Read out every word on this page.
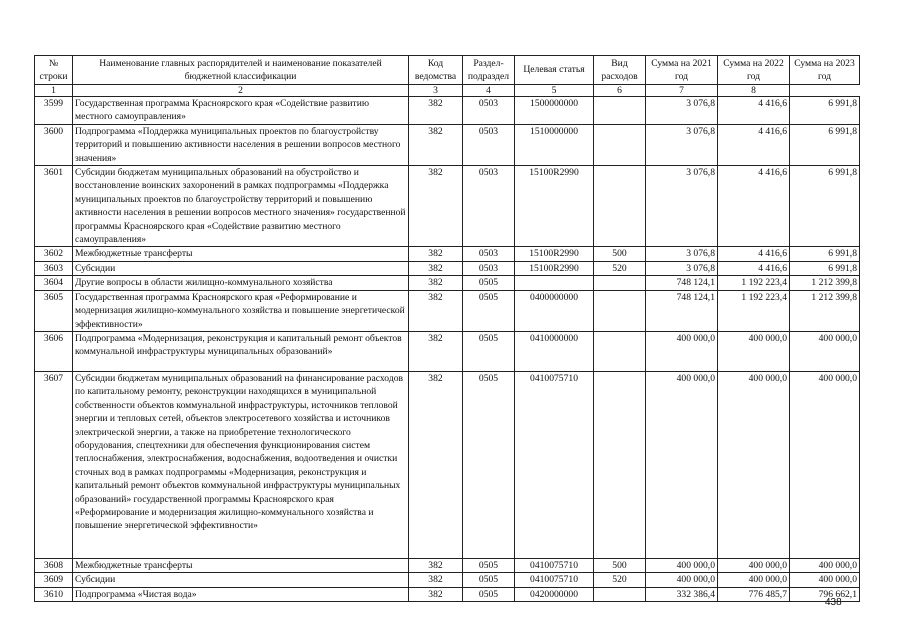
№ строки	Наименование главных распорядителей и наименование показателей бюджетной классификации	Код ведомства	Раздел-подраздел	Целевая статья	Вид расходов	Сумма на 2021 год	Сумма на 2022 год	Сумма на 2023 год
1	2	3	4	5	6	7	8
3599	Государственная программа Красноярского края «Содействие развитию местного самоуправления»	382	0503	1500000000		3 076,8	4 416,6	6 991,8
3600	Подпрограмма «Поддержка муниципальных проектов по благоустройству территорий и повышению активности населения в решении вопросов местного значения»	382	0503	1510000000		3 076,8	4 416,6	6 991,8
3601	Субсидии бюджетам муниципальных образований на обустройство и восстановление воинских захоронений в рамках подпрограммы «Поддержка муниципальных проектов по благоустройству территорий и повышению активности населения в решении вопросов местного значения» государственной программы Красноярского края «Содействие развитию местного самоуправления»	382	0503	15100R2990		3 076,8	4 416,6	6 991,8
3602	Межбюджетные трансферты	382	0503	15100R2990	500	3 076,8	4 416,6	6 991,8
3603	Субсидии	382	0503	15100R2990	520	3 076,8	4 416,6	6 991,8
3604	Другие вопросы в области жилищно-коммунального хозяйства	382	0505			748 124,1	1 192 223,4	1 212 399,8
3605	Государственная программа Красноярского края «Реформирование и модернизация жилищно-коммунального хозяйства и повышение энергетической эффективности»	382	0505	0400000000		748 124,1	1 192 223,4	1 212 399,8
3606	Подпрограмма «Модернизация, реконструкция и капитальный ремонт объектов коммунальной инфраструктуры муниципальных образований»	382	0505	0410000000		400 000,0	400 000,0	400 000,0
3607	Субсидии бюджетам муниципальных образований на финансирование расходов по капитальному ремонту, реконструкции находящихся в муниципальной собственности объектов коммунальной инфраструктуры, источников тепловой энергии и тепловых сетей, объектов электросетевого хозяйства и источников электрической энергии, а также на приобретение технологического оборудования, спецтехники для обеспечения функционирования систем теплоснабжения, электроснабжения, водоснабжения, водоотведения и очистки сточных вод в рамках подпрограммы «Модернизация, реконструкция и капитальный ремонт объектов коммунальной инфраструктуры муниципальных образований» государственной программы Красноярского края «Реформирование и модернизация жилищно-коммунального хозяйства и повышение энергетической эффективности»	382	0505	0410075710		400 000,0	400 000,0	400 000,0
3608	Межбюджетные трансферты	382	0505	0410075710	500	400 000,0	400 000,0	400 000,0
3609	Субсидии	382	0505	0410075710	520	400 000,0	400 000,0	400 000,0
3610	Подпрограмма «Чистая вода»	382	0505	0420000000		332 386,4	776 485,7	796 662,1
438
